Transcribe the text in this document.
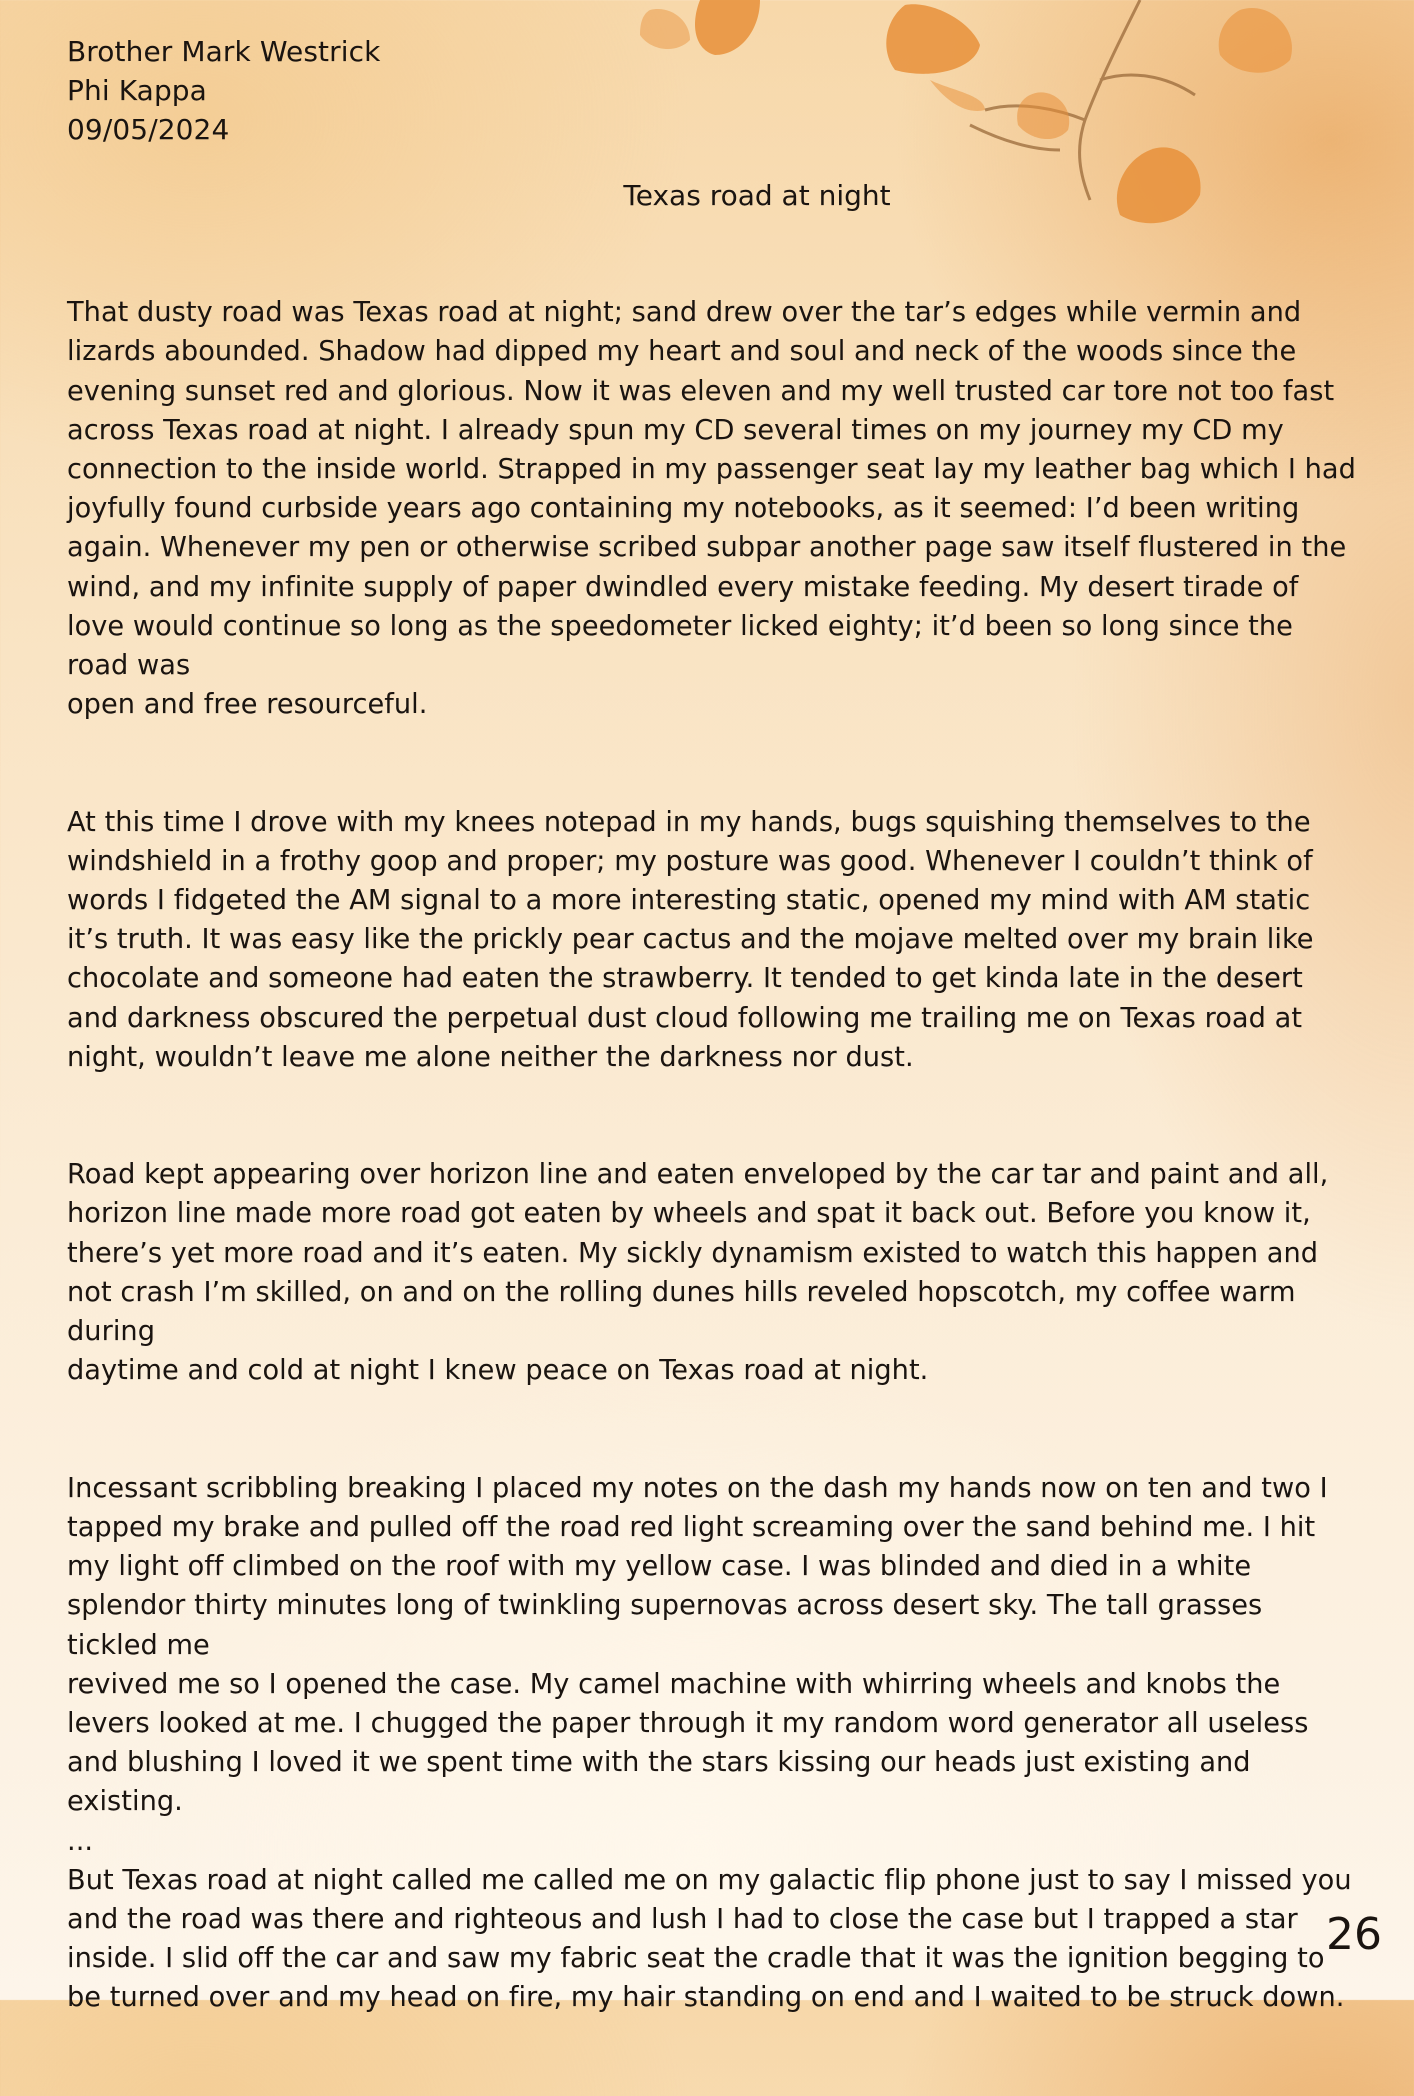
Brother Mark Westrick
Phi Kappa
09/05/2024
Texas road at night

That dusty road was Texas road at night; sand drew over the tar’s edges while vermin and
lizards abounded. Shadow had dipped my heart and soul and neck of the woods since the
evening sunset red and glorious. Now it was eleven and my well trusted car tore not too fast
across Texas road at night. I already spun my CD several times on my journey my CD my
connection to the inside world. Strapped in my passenger seat lay my leather bag which I had
joyfully found curbside years ago containing my notebooks, as it seemed: I’d been writing
again. Whenever my pen or otherwise scribed subpar another page saw itself flustered in the
wind, and my infinite supply of paper dwindled every mistake feeding. My desert tirade of
love would continue so long as the speedometer licked eighty; it’d been so long since the
road was
open and free resourceful.

At this time I drove with my knees notepad in my hands, bugs squishing themselves to the
windshield in a frothy goop and proper; my posture was good. Whenever I couldn’t think of
words I fidgeted the AM signal to a more interesting static, opened my mind with AM static
it’s truth. It was easy like the prickly pear cactus and the mojave melted over my brain like
chocolate and someone had eaten the strawberry. It tended to get kinda late in the desert
and darkness obscured the perpetual dust cloud following me trailing me on Texas road at
night, wouldn’t leave me alone neither the darkness nor dust.

Road kept appearing over horizon line and eaten enveloped by the car tar and paint and all,
horizon line made more road got eaten by wheels and spat it back out. Before you know it,
there’s yet more road and it’s eaten. My sickly dynamism existed to watch this happen and
not crash I’m skilled, on and on the rolling dunes hills reveled hopscotch, my coffee warm
during
daytime and cold at night I knew peace on Texas road at night.

Incessant scribbling breaking I placed my notes on the dash my hands now on ten and two I
tapped my brake and pulled off the road red light screaming over the sand behind me. I hit
my light off climbed on the roof with my yellow case. I was blinded and died in a white
splendor thirty minutes long of twinkling supernovas across desert sky. The tall grasses
tickled me
revived me so I opened the case. My camel machine with whirring wheels and knobs the
levers looked at me. I chugged the paper through it my random word generator all useless
and blushing I loved it we spent time with the stars kissing our heads just existing and
existing.
...
But Texas road at night called me called me on my galactic flip phone just to say I missed you
and the road was there and righteous and lush I had to close the case but I trapped a star
inside. I slid off the car and saw my fabric seat the cradle that it was the ignition begging to
be turned over and my head on fire, my hair standing on end and I waited to be struck down.

26
